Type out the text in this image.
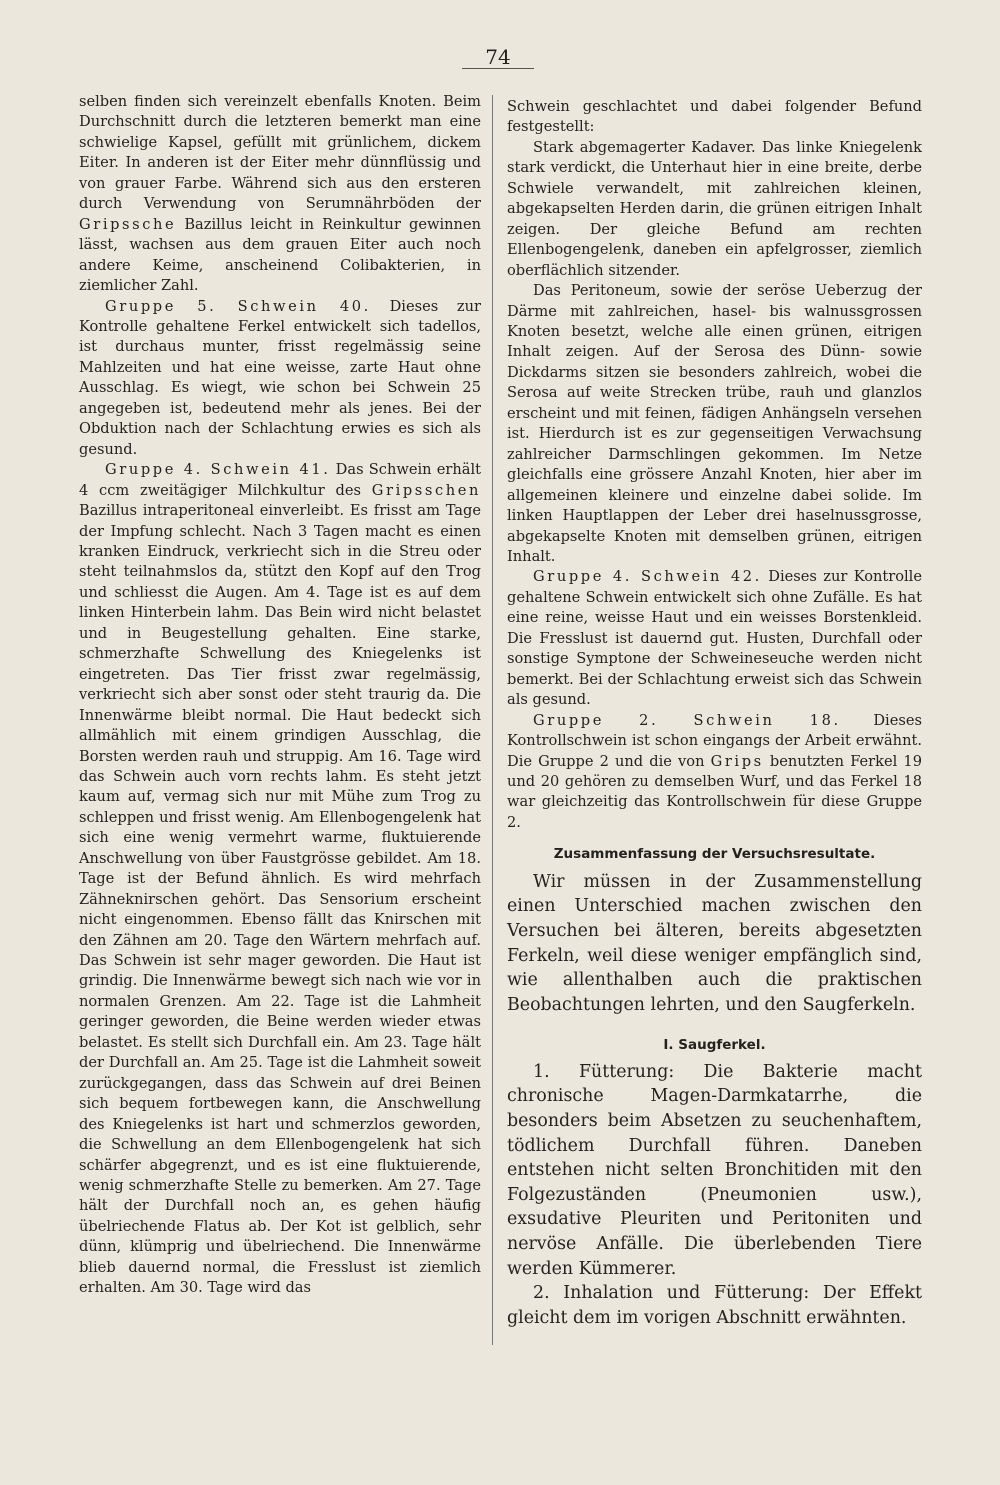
74

selben finden sich vereinzelt ebenfalls Knoten. Beim Durchschnitt durch die letzteren bemerkt man eine schwielige Kapsel, gefüllt mit grünlichem, dickem Eiter. In anderen ist der Eiter mehr dünnflüssig und von grauer Farbe. Während sich aus den ersteren durch Verwendung von Serumnährböden der Gripssche Bazillus leicht in Reinkultur gewinnen lässt, wachsen aus dem grauen Eiter auch noch andere Keime, anscheinend Colibakterien, in ziemlicher Zahl.

Gruppe 5. Schwein 40. Dieses zur Kontrolle gehaltene Ferkel entwickelt sich tadellos, ist durchaus munter, frisst regelmässig seine Mahlzeiten und hat eine weisse, zarte Haut ohne Ausschlag. Es wiegt, wie schon bei Schwein 25 angegeben ist, bedeutend mehr als jenes. Bei der Obduktion nach der Schlachtung erwies es sich als gesund.

Gruppe 4. Schwein 41. Das Schwein erhält 4 ccm zweitägiger Milchkultur des Gripsschen Bazillus intraperitoneal einverleibt. Es frisst am Tage der Impfung schlecht. Nach 3 Tagen macht es einen kranken Eindruck, verkriecht sich in die Streu oder steht teilnahmslos da, stützt den Kopf auf den Trog und schliesst die Augen. Am 4. Tage ist es auf dem linken Hinterbein lahm. Das Bein wird nicht belastet und in Beugestellung gehalten. Eine starke, schmerzhafte Schwellung des Kniegelenks ist eingetreten. Das Tier frisst zwar regelmässig, verkriecht sich aber sonst oder steht traurig da. Die Innenwärme bleibt normal. Die Haut bedeckt sich allmählich mit einem grindigen Ausschlag, die Borsten werden rauh und struppig. Am 16. Tage wird das Schwein auch vorn rechts lahm. Es steht jetzt kaum auf, vermag sich nur mit Mühe zum Trog zu schleppen und frisst wenig. Am Ellenbogengelenk hat sich eine wenig vermehrt warme, fluktuierende Anschwellung von über Faustgrösse gebildet. Am 18. Tage ist der Befund ähnlich. Es wird mehrfach Zähneknirschen gehört. Das Sensorium erscheint nicht eingenommen. Ebenso fällt das Knirschen mit den Zähnen am 20. Tage den Wärtern mehrfach auf. Das Schwein ist sehr mager geworden. Die Haut ist grindig. Die Innenwärme bewegt sich nach wie vor in normalen Grenzen. Am 22. Tage ist die Lahmheit geringer geworden, die Beine werden wieder etwas belastet. Es stellt sich Durchfall ein. Am 23. Tage hält der Durchfall an. Am 25. Tage ist die Lahmheit soweit zurückgegangen, dass das Schwein auf drei Beinen sich bequem fortbewegen kann, die Anschwellung des Kniegelenks ist hart und schmerzlos geworden, die Schwellung an dem Ellenbogengelenk hat sich schärfer abgegrenzt, und es ist eine fluktuierende, wenig schmerzhafte Stelle zu bemerken. Am 27. Tage hält der Durchfall noch an, es gehen häufig übelriechende Flatus ab. Der Kot ist gelblich, sehr dünn, klümprig und übelriechend. Die Innenwärme blieb dauernd normal, die Fresslust ist ziemlich erhalten. Am 30. Tage wird das

Schwein geschlachtet und dabei folgender Befund festgestellt:

Stark abgemagerter Kadaver. Das linke Kniegelenk stark verdickt, die Unterhaut hier in eine breite, derbe Schwiele verwandelt, mit zahlreichen kleinen, abgekapselten Herden darin, die grünen eitrigen Inhalt zeigen. Der gleiche Befund am rechten Ellenbogengelenk, daneben ein apfelgrosser, ziemlich oberflächlich sitzender.

Das Peritoneum, sowie der seröse Ueberzug der Därme mit zahlreichen, hasel- bis walnussgrossen Knoten besetzt, welche alle einen grünen, eitrigen Inhalt zeigen. Auf der Serosa des Dünn- sowie Dickdarms sitzen sie besonders zahlreich, wobei die Serosa auf weite Strecken trübe, rauh und glanzlos erscheint und mit feinen, fädigen Anhängseln versehen ist. Hierdurch ist es zur gegenseitigen Verwachsung zahlreicher Darmschlingen gekommen. Im Netze gleichfalls eine grössere Anzahl Knoten, hier aber im allgemeinen kleinere und einzelne dabei solide. Im linken Hauptlappen der Leber drei haselnussgrosse, abgekapselte Knoten mit demselben grünen, eitrigen Inhalt.

Gruppe 4. Schwein 42. Dieses zur Kontrolle gehaltene Schwein entwickelt sich ohne Zufälle. Es hat eine reine, weisse Haut und ein weisses Borstenkleid. Die Fresslust ist dauernd gut. Husten, Durchfall oder sonstige Symptone der Schweineseuche werden nicht bemerkt. Bei der Schlachtung erweist sich das Schwein als gesund.

Gruppe 2. Schwein 18. Dieses Kontrollschwein ist schon eingangs der Arbeit erwähnt. Die Gruppe 2 und die von Grips benutzten Ferkel 19 und 20 gehören zu demselben Wurf, und das Ferkel 18 war gleichzeitig das Kontrollschwein für diese Gruppe 2.

Zusammenfassung der Versuchsresultate.

Wir müssen in der Zusammenstellung einen Unterschied machen zwischen den Versuchen bei älteren, bereits abgesetzten Ferkeln, weil diese weniger empfänglich sind, wie allenthalben auch die praktischen Beobachtungen lehrten, und den Saugferkeln.

I. Saugferkel.

1. Fütterung: Die Bakterie macht chronische Magen-Darmkatarrhe, die besonders beim Absetzen zu seuchenhaftem, tödlichem Durchfall führen. Daneben entstehen nicht selten Bronchitiden mit den Folgezuständen (Pneumonien usw.), exsudative Pleuriten und Peritoniten und nervöse Anfälle. Die überlebenden Tiere werden Kümmerer.

2. Inhalation und Fütterung: Der Effekt gleicht dem im vorigen Abschnitt erwähnten.
